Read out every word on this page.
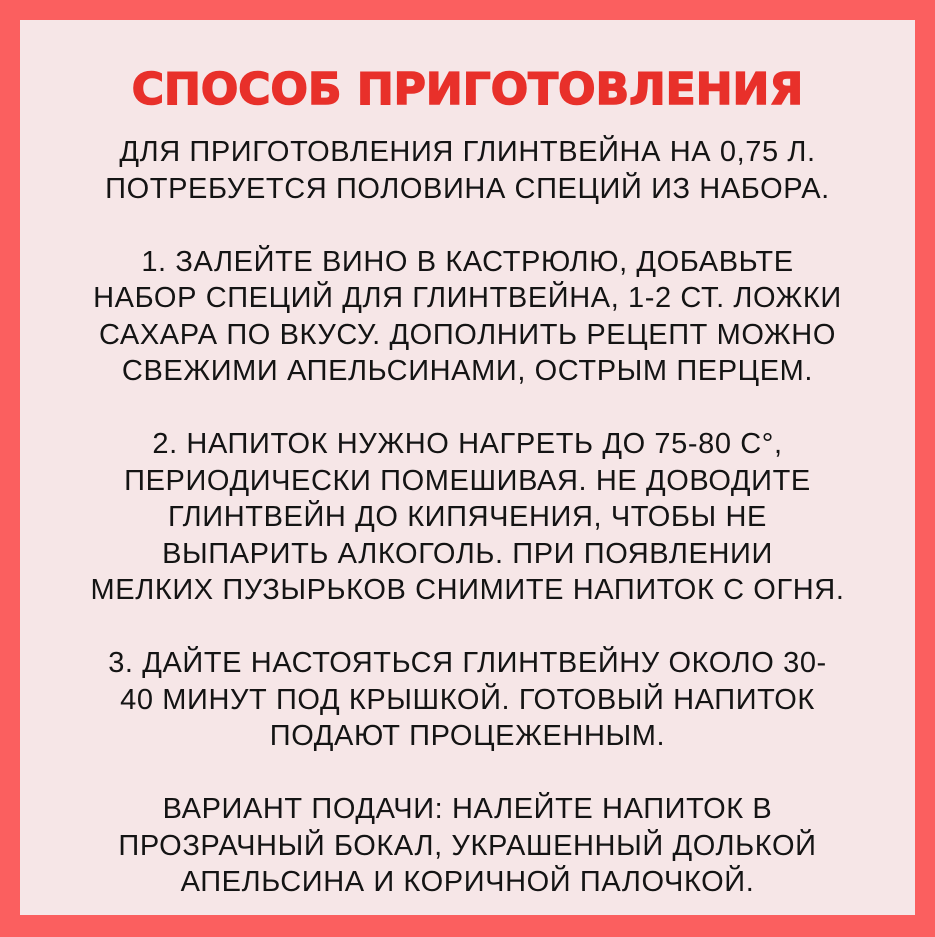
СПОСОБ ПРИГОТОВЛЕНИЯ
ДЛЯ ПРИГОТОВЛЕНИЯ ГЛИНТВЕЙНА НА 0,75 Л.
ПОТРЕБУЕТСЯ ПОЛОВИНА СПЕЦИЙ ИЗ НАБОРА.
1. ЗАЛЕЙТЕ ВИНО В КАСТРЮЛЮ, ДОБАВЬТЕ
НАБОР СПЕЦИЙ ДЛЯ ГЛИНТВЕЙНА, 1-2 СТ. ЛОЖКИ
САХАРА ПО ВКУСУ. ДОПОЛНИТЬ РЕЦЕПТ МОЖНО
СВЕЖИМИ АПЕЛЬСИНАМИ, ОСТРЫМ ПЕРЦЕМ.
2. НАПИТОК НУЖНО НАГРЕТЬ ДО 75-80 С°,
ПЕРИОДИЧЕСКИ ПОМЕШИВАЯ. НЕ ДОВОДИТЕ
ГЛИНТВЕЙН ДО КИПЯЧЕНИЯ, ЧТОБЫ НЕ
ВЫПАРИТЬ АЛКОГОЛЬ. ПРИ ПОЯВЛЕНИИ
МЕЛКИХ ПУЗЫРЬКОВ СНИМИТЕ НАПИТОК С ОГНЯ.
3. ДАЙТЕ НАСТОЯТЬСЯ ГЛИНТВЕЙНУ ОКОЛО 30-
40 МИНУТ ПОД КРЫШКОЙ. ГОТОВЫЙ НАПИТОК
ПОДАЮТ ПРОЦЕЖЕННЫМ.
ВАРИАНТ ПОДАЧИ: НАЛЕЙТЕ НАПИТОК В
ПРОЗРАЧНЫЙ БОКАЛ, УКРАШЕННЫЙ ДОЛЬКОЙ
АПЕЛЬСИНА И КОРИЧНОЙ ПАЛОЧКОЙ.
